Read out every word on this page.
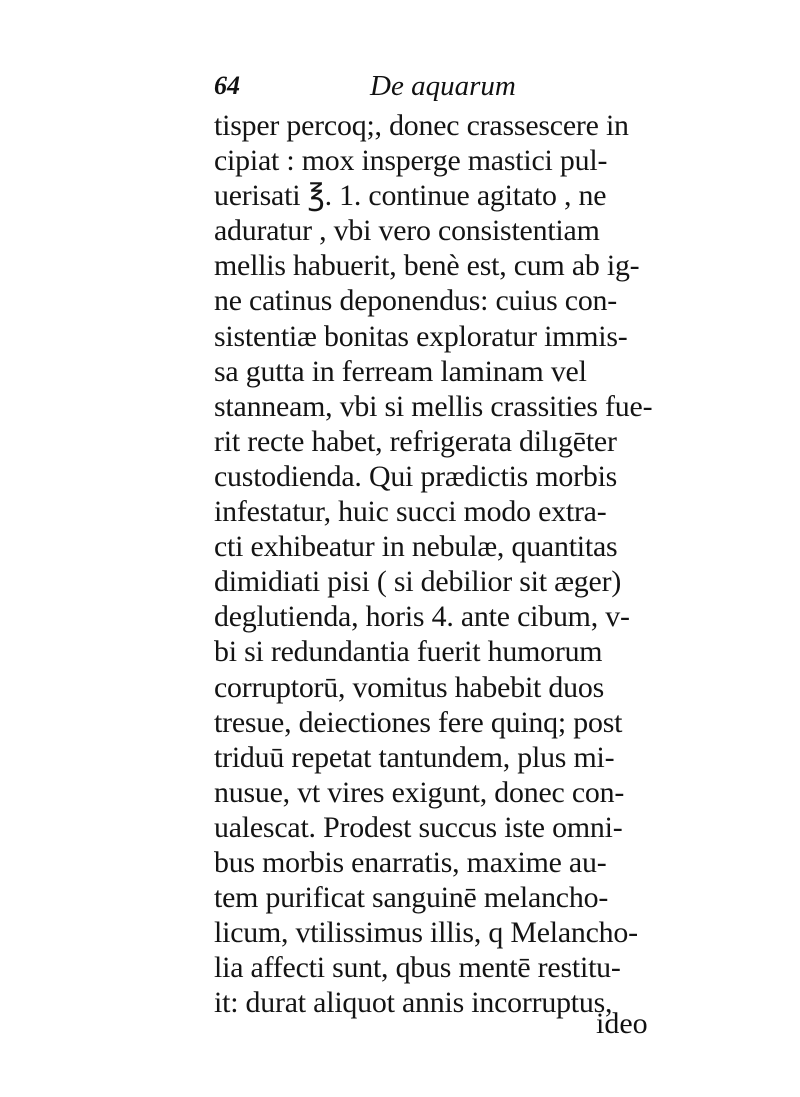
64	De aquarum
tisper percoq;, donec crassescere in
cipiat : mox insperge mastici pul-
uerisati ℥. 1. continue agitato , ne
aduratur , vbi vero consistentiam
mellis habuerit, benè est, cum ab ig-
ne catinus deponendus: cuius con-
sistentiæ bonitas exploratur immis-
sa gutta in ferream laminam vel
stanneam, vbi si mellis crassities fue-
rit recte habet, refrigerata dilıgēter
custodienda. Qui prædictis morbis
infestatur, huic succi modo extra-
cti exhibeatur in nebulæ, quantitas
dimidiati pisi ( si debilior sit æger)
deglutienda, horis 4. ante cibum, v-
bi si redundantia fuerit humorum
corruptorū, vomitus habebit duos
tresue, deiectiones fere quinq; post
triduū repetat tantundem, plus mi-
nusue, vt vires exigunt, donec con-
ualescat. Prodest succus iste omni-
bus morbis enarratis, maxime au-
tem purificat sanguinē melancho-
licum, vtilissimus illis, q Melancho-
lia affecti sunt, qbus mentē restitu-
it: durat aliquot annis incorruptus,
ideo
